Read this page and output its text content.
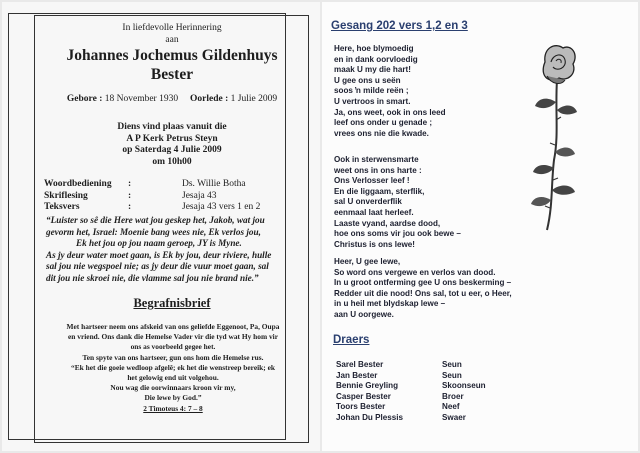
In liefdevolle Herinnering
aan
Johannes Jochemus Gildenhuys
Bester
Gebore : 18 November 1930 Oorlede : 1 Julie 2009
Diens vind plaas vanuit die
A P Kerk Petrus Steyn
op Saterdag 4 Julie 2009
om 10h00
Woordbediening	:	Ds. Willie Botha
Skriflesing	:	Jesaja 43
Teksvers	:	Jesaja 43 vers 1 en 2
“Luister so sê die Here wat jou geskep het, Jakob, wat jou
gevorm het, Israel: Moenie bang wees nie, Ek verlos jou,
Ek het jou op jou naam geroep, JY is Myne.
As jy deur water moet gaan, is Ek by jou, deur riviere, hulle
sal jou nie wegspoel nie; as jy deur die vuur moet gaan, sal
dit jou nie skroei nie, die vlamme sal jou nie brand nie.”
Begrafnisbrief
Met hartseer neem ons afskeid van ons geliefde Eggenoot, Pa, Oupa
en vriend. Ons dank die Hemelse Vader vir die tyd wat Hy hom vir
ons as voorbeeld gegee het.
Ten spyte van ons hartseer, gun ons hom die Hemelse rus.
“Ek het die goeie wedloop afgelê; ek het die wenstreep bereik; ek
het gelowig end uit volgehou.
Nou wag die oorwinnaars kroon vir my,
Die lewe by God.”
2 Timoteus 4: 7 – 8
Gesang 202 vers 1,2 en 3
Here, hoe blymoedig
en in dank oorvloedig
maak U my die hart!
U gee ons u seën
soos ŉ milde reën ;
U vertroos in smart.
Ja, ons weet, ook in ons leed
leef ons onder u genade ;
vrees ons nie die kwade.
Ook in sterwensmarte
weet ons in ons harte :
Ons Verlosser leef !
En die liggaam, sterflik,
sal U onverderflik
eenmaal laat herleef.
Laaste vyand, aardse dood,
hoe ons soms vir jou ook bewe –
Christus is ons lewe!
Heer, U gee lewe,
So word ons vergewe en verlos van dood.
In u groot ontferming gee U ons beskerming –
Redder uit die nood! Ons sal, tot u eer, o Heer,
in u heil met blydskap lewe –
aan U oorgewe.
Draers
Sarel Bester	Seun
Jan Bester	Seun
Bennie Greyling	Skoonseun
Casper Bester	Broer
Toors Bester	Neef
Johan Du Plessis	Swaer
